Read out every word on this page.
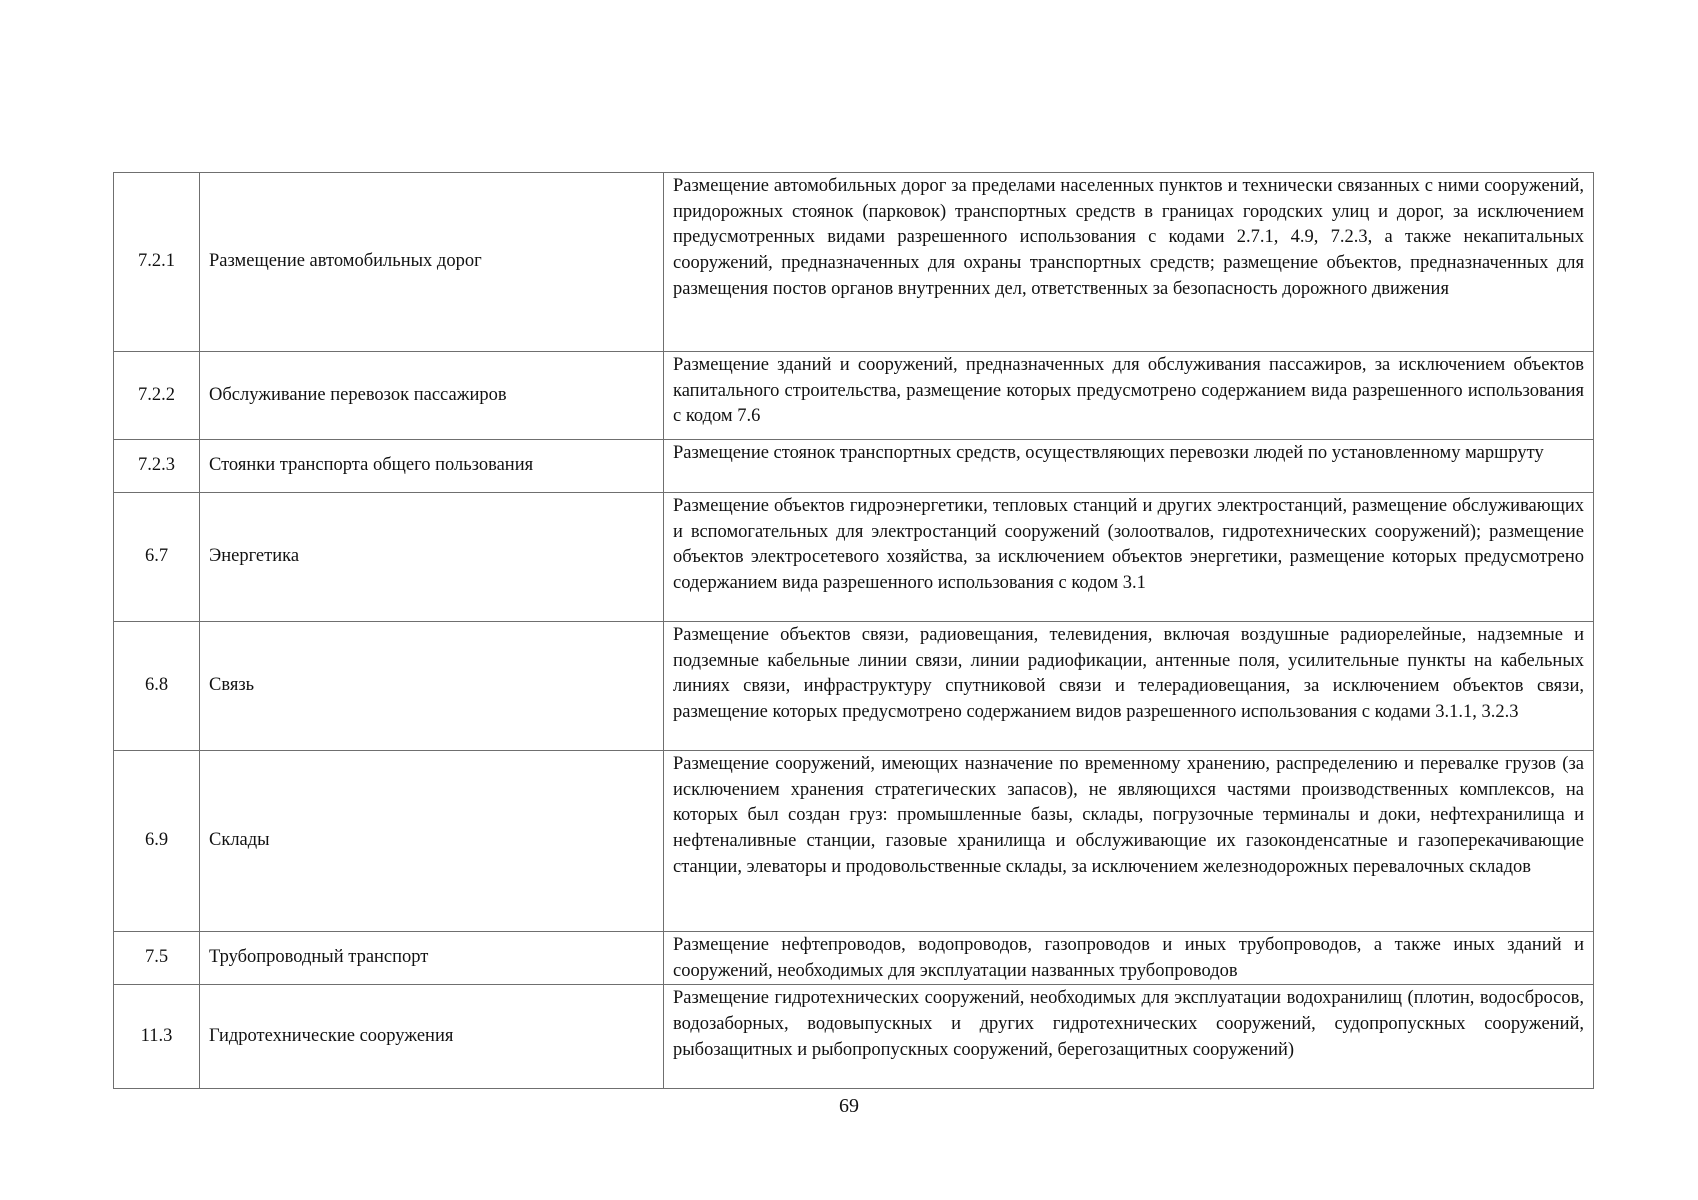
7.2.1	Размещение автомобильных дорог	Размещение автомобильных дорог за пределами населенных пунктов и технически связанных с ними сооружений, придорожных стоянок (парковок) транспортных средств в границах городских улиц и дорог, за исключением предусмотренных видами разрешенного использования с кодами 2.7.1, 4.9, 7.2.3, а также некапитальных сооружений, предназначенных для охраны транспортных средств; размещение объектов, предназначенных для размещения постов органов внутренних дел, ответственных за безопасность дорожного движения
7.2.2	Обслуживание перевозок пассажиров	Размещение зданий и сооружений, предназначенных для обслуживания пассажиров, за исключением объектов капитального строительства, размещение которых предусмотрено содержанием вида разрешенного использования с кодом 7.6
7.2.3	Стоянки транспорта общего пользования	Размещение стоянок транспортных средств, осуществляющих перевозки людей по установленному маршруту
6.7	Энергетика	Размещение объектов гидроэнергетики, тепловых станций и других электростанций, размещение обслуживающих и вспомогательных для электростанций сооружений (золоотвалов, гидротехнических сооружений); размещение объектов электросетевого хозяйства, за исключением объектов энергетики, размещение которых предусмотрено содержанием вида разрешенного использования с кодом 3.1
6.8	Связь	Размещение объектов связи, радиовещания, телевидения, включая воздушные радиорелейные, надземные и подземные кабельные линии связи, линии радиофикации, антенные поля, усилительные пункты на кабельных линиях связи, инфраструктуру спутниковой связи и телерадиовещания, за исключением объектов связи, размещение которых предусмотрено содержанием видов разрешенного использования с кодами 3.1.1, 3.2.3
6.9	Склады	Размещение сооружений, имеющих назначение по временному хранению, распределению и перевалке грузов (за исключением хранения стратегических запасов), не являющихся частями производственных комплексов, на которых был создан груз: промышленные базы, склады, погрузочные терминалы и доки, нефтехранилища и нефтеналивные станции, газовые хранилища и обслуживающие их газоконденсатные и газоперекачивающие станции, элеваторы и продовольственные склады, за исключением железнодорожных перевалочных складов
7.5	Трубопроводный транспорт	Размещение нефтепроводов, водопроводов, газопроводов и иных трубопроводов, а также иных зданий и сооружений, необходимых для эксплуатации названных трубопроводов
11.3	Гидротехнические сооружения	Размещение гидротехнических сооружений, необходимых для эксплуатации водохранилищ (плотин, водосбросов, водозаборных, водовыпускных и других гидротехнических сооружений, судопропускных сооружений, рыбозащитных и рыбопропускных сооружений, берегозащитных сооружений)
69
